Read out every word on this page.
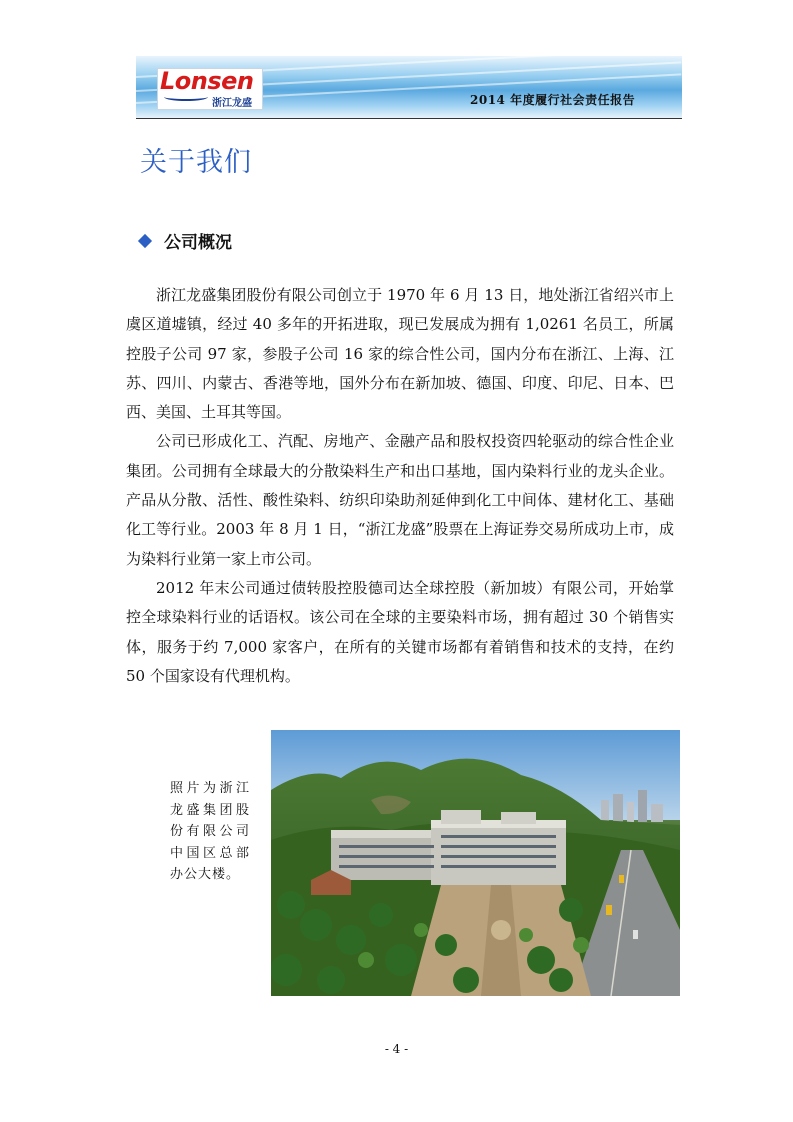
Lonsen
浙江龙盛	2014 年度履行社会责任报告
关于我们
公司概况

浙江龙盛集团股份有限公司创立于 1970 年 6 月 13 日，地处浙江省绍兴市上虞区道墟镇，经过 40 多年的开拓进取，现已发展成为拥有 1,0261 名员工，所属控股子公司 97 家，参股子公司 16 家的综合性公司，国内分布在浙江、上海、江苏、四川、内蒙古、香港等地，国外分布在新加坡、德国、印度、印尼、日本、巴西、美国、土耳其等国。

公司已形成化工、汽配、房地产、金融产品和股权投资四轮驱动的综合性企业集团。公司拥有全球最大的分散染料生产和出口基地，国内染料行业的龙头企业。产品从分散、活性、酸性染料、纺织印染助剂延伸到化工中间体、建材化工、基础化工等行业。2003 年 8 月 1 日，“浙江龙盛”股票在上海证券交易所成功上市，成为染料行业第一家上市公司。

2012 年末公司通过债转股控股德司达全球控股（新加坡）有限公司，开始掌控全球染料行业的话语权。该公司在全球的主要染料市场，拥有超过 30 个销售实体，服务于约 7,000 家客户，在所有的关键市场都有着销售和技术的支持，在约 50 个国家设有代理机构。

照片为浙江龙盛集团股份有限公司中国区总部办公大楼。
- 4 -
